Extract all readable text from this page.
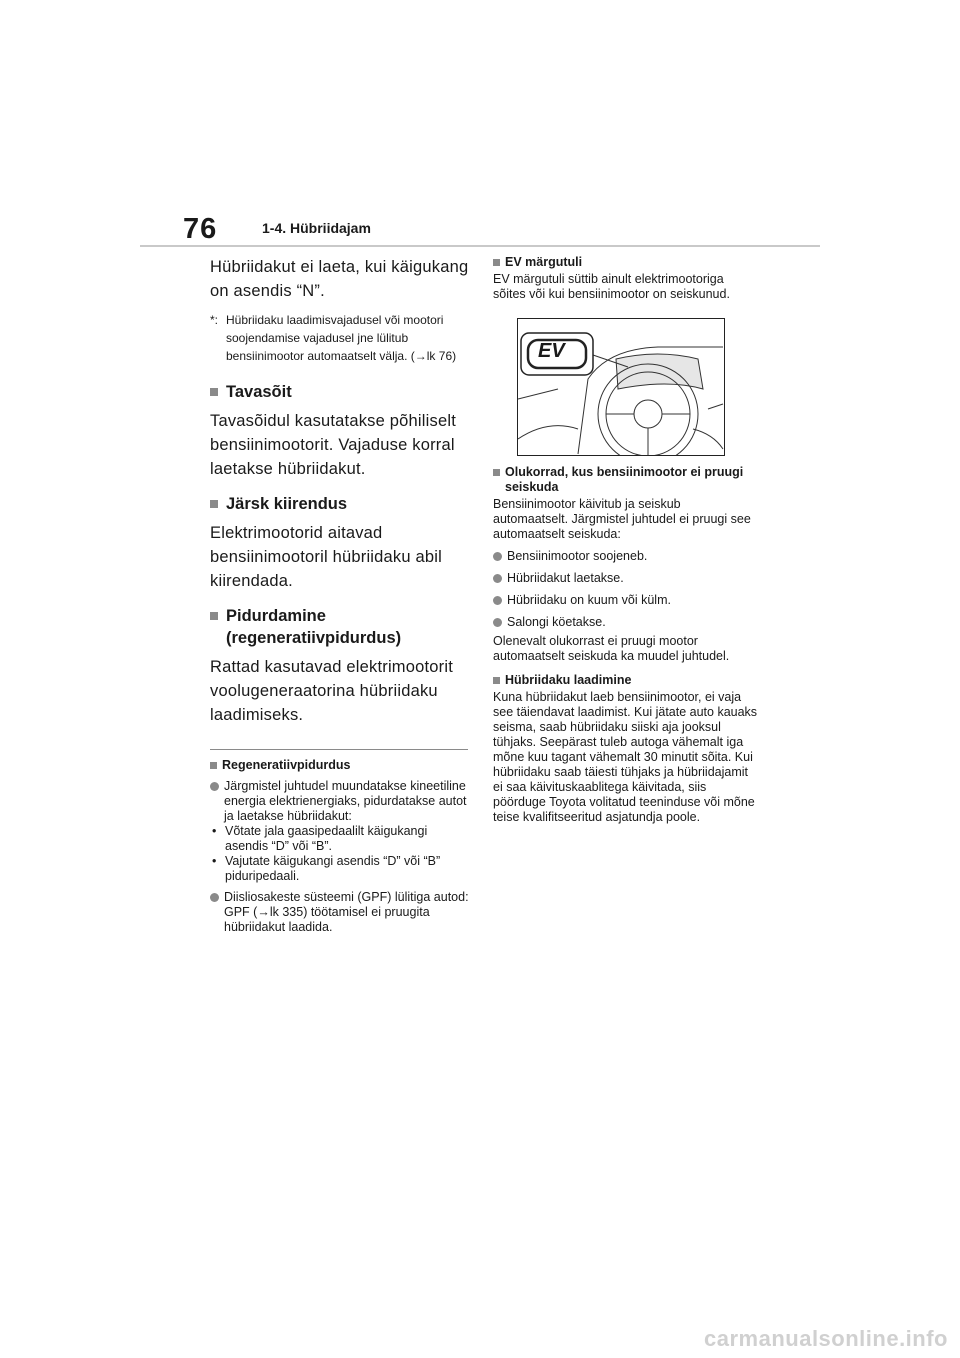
76	1-4. Hübriidajam
Hübriidakut ei laeta, kui käigukang on asendis “N”.
*: Hübriidaku laadimisvajadusel või mootori soojendamise vajadusel jne lülitub bensiinimootor automaatselt välja. (→lk 76)
Tavasõit
Tavasõidul kasutatakse põhiliselt bensiinimootorit. Vajaduse korral laetakse hübriidakut.
Järsk kiirendus
Elektrimootorid aitavad bensiinimootoril hübriidaku abil kiirendada.
Pidurdamine (regeneratiivpidurdus)
Rattad kasutavad elektrimootorit voolugeneraatorina hübriidaku laadimiseks.
Regeneratiivpidurdus
Järgmistel juhtudel muundatakse kineetiline energia elektrienergiaks, pidurdatakse autot ja laetakse hübriidakut:
• Võtate jala gaasipedaalilt käigukangi asendis “D” või “B”.
• Vajutate käigukangi asendis “D” või “B” piduripedaali.
Diisliosakeste süsteemi (GPF) lülitiga autod: GPF (→lk 335) töötamisel ei pruugita hübriidakut laadida.
EV märgutuli
EV märgutuli süttib ainult elektrimootoriga sõites või kui bensiinimootor on seiskunud.
EV
Olukorrad, kus bensiinimootor ei pruugi seiskuda
Bensiinimootor käivitub ja seiskub automaatselt. Järgmistel juhtudel ei pruugi see automaatselt seiskuda:
Bensiinimootor soojeneb.
Hübriidakut laetakse.
Hübriidaku on kuum või külm.
Salongi köetakse.
Olenevalt olukorrast ei pruugi mootor automaatselt seiskuda ka muudel juhtudel.
Hübriidaku laadimine
Kuna hübriidakut laeb bensiinimootor, ei vaja see täiendavat laadimist. Kui jätate auto kauaks seisma, saab hübriidaku siiski aja jooksul tühjaks. Seepärast tuleb autoga vähemalt iga mõne kuu tagant vähemalt 30 minutit sõita. Kui hübriidaku saab täiesti tühjaks ja hübriidajamit ei saa käivituskaablitega käivitada, siis pöörduge Toyota volitatud teeninduse või mõne teise kvalifitseeritud asjatundja poole.
carmanualsonline.info
